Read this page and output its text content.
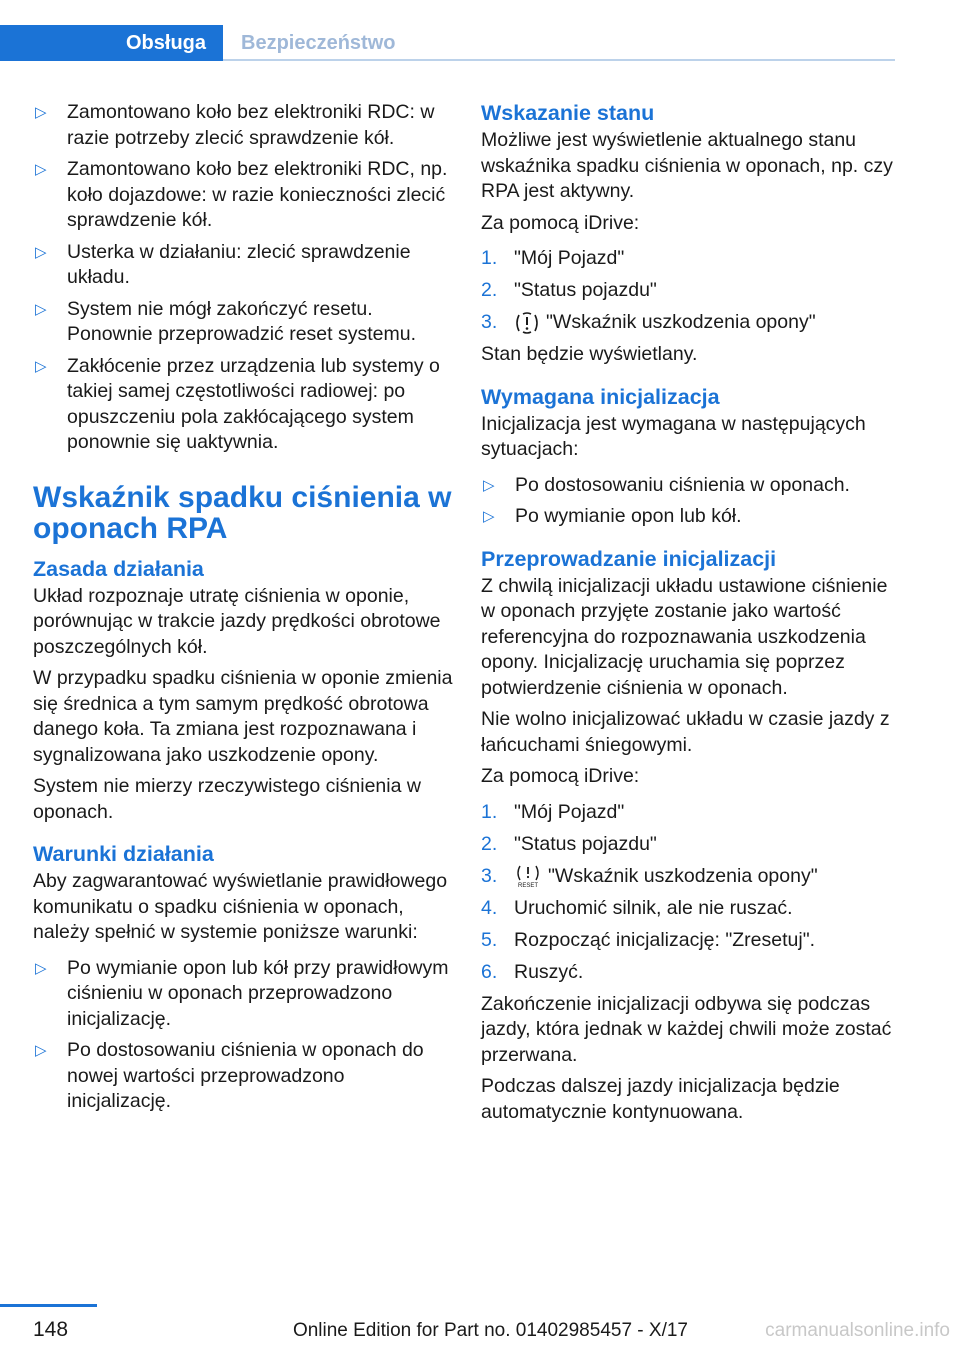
Obsługa	Bezpieczeństwo
▷	Zamontowano koło bez elektroniki RDC: w razie potrzeby zlecić sprawdzenie kół.
▷	Zamontowano koło bez elektroniki RDC, np. koło dojazdowe: w razie konieczności zlecić sprawdzenie kół.
▷	Usterka w działaniu: zlecić sprawdzenie układu.
▷	System nie mógł zakończyć resetu. Ponownie przeprowadzić reset systemu.
▷	Zakłócenie przez urządzenia lub systemy o takiej samej częstotliwości radiowej: po opuszczeniu pola zakłócającego system ponownie się uaktywnia.
Wskaźnik spadku ciśnienia w oponach RPA
Zasada działania

Układ rozpoznaje utratę ciśnienia w oponie, porównując w trakcie jazdy prędkości obrotowe poszczególnych kół.

W przypadku spadku ciśnienia w oponie zmienia się średnica a tym samym prędkość obrotowa danego koła. Ta zmiana jest rozpoznawana i sygnalizowana jako uszkodzenie opony.

System nie mierzy rzeczywistego ciśnienia w oponach.

Warunki działania

Aby zagwarantować wyświetlanie prawidłowego komunikatu o spadku ciśnienia w oponach, należy spełnić w systemie poniższe warunki:

▷	Po wymianie opon lub kół przy prawidłowym ciśnieniu w oponach przeprowadzono inicjalizację.
▷	Po dostosowaniu ciśnienia w oponach do nowej wartości przeprowadzono inicjalizację.
Wskazanie stanu

Możliwe jest wyświetlenie aktualnego stanu wskaźnika spadku ciśnienia w oponach, np. czy RPA jest aktywny.

Za pomocą iDrive:

1. "Mój Pojazd"
2. "Status pojazdu"
3.	"Wskaźnik uszkodzenia opony"

Stan będzie wyświetlany.

Wymagana inicjalizacja

Inicjalizacja jest wymagana w następujących sytuacjach:

▷	Po dostosowaniu ciśnienia w oponach.
▷	Po wymianie opon lub kół.
Przeprowadzanie inicjalizacji

Z chwilą inicjalizacji układu ustawione ciśnienie w oponach przyjęte zostanie jako wartość referencyjna do rozpoznawania uszkodzenia opony. Inicjalizację uruchamia się poprzez potwierdzenie ciśnienia w oponach.

Nie wolno inicjalizować układu w czasie jazdy z łańcuchami śniegowymi.

Za pomocą iDrive:

1. "Mój Pojazd"
2. "Status pojazdu"
3.	RESET "Wskaźnik uszkodzenia opony"
4. Uruchomić silnik, ale nie ruszać.
5. Rozpocząć inicjalizację: "Zresetuj".
6. Ruszyć.

Zakończenie inicjalizacji odbywa się podczas jazdy, która jednak w każdej chwili może zostać przerwana.

Podczas dalszej jazdy inicjalizacja będzie automatycznie kontynuowana.

148	Online Edition for Part no. 01402985457 - X/17	carmanualsonline.info
